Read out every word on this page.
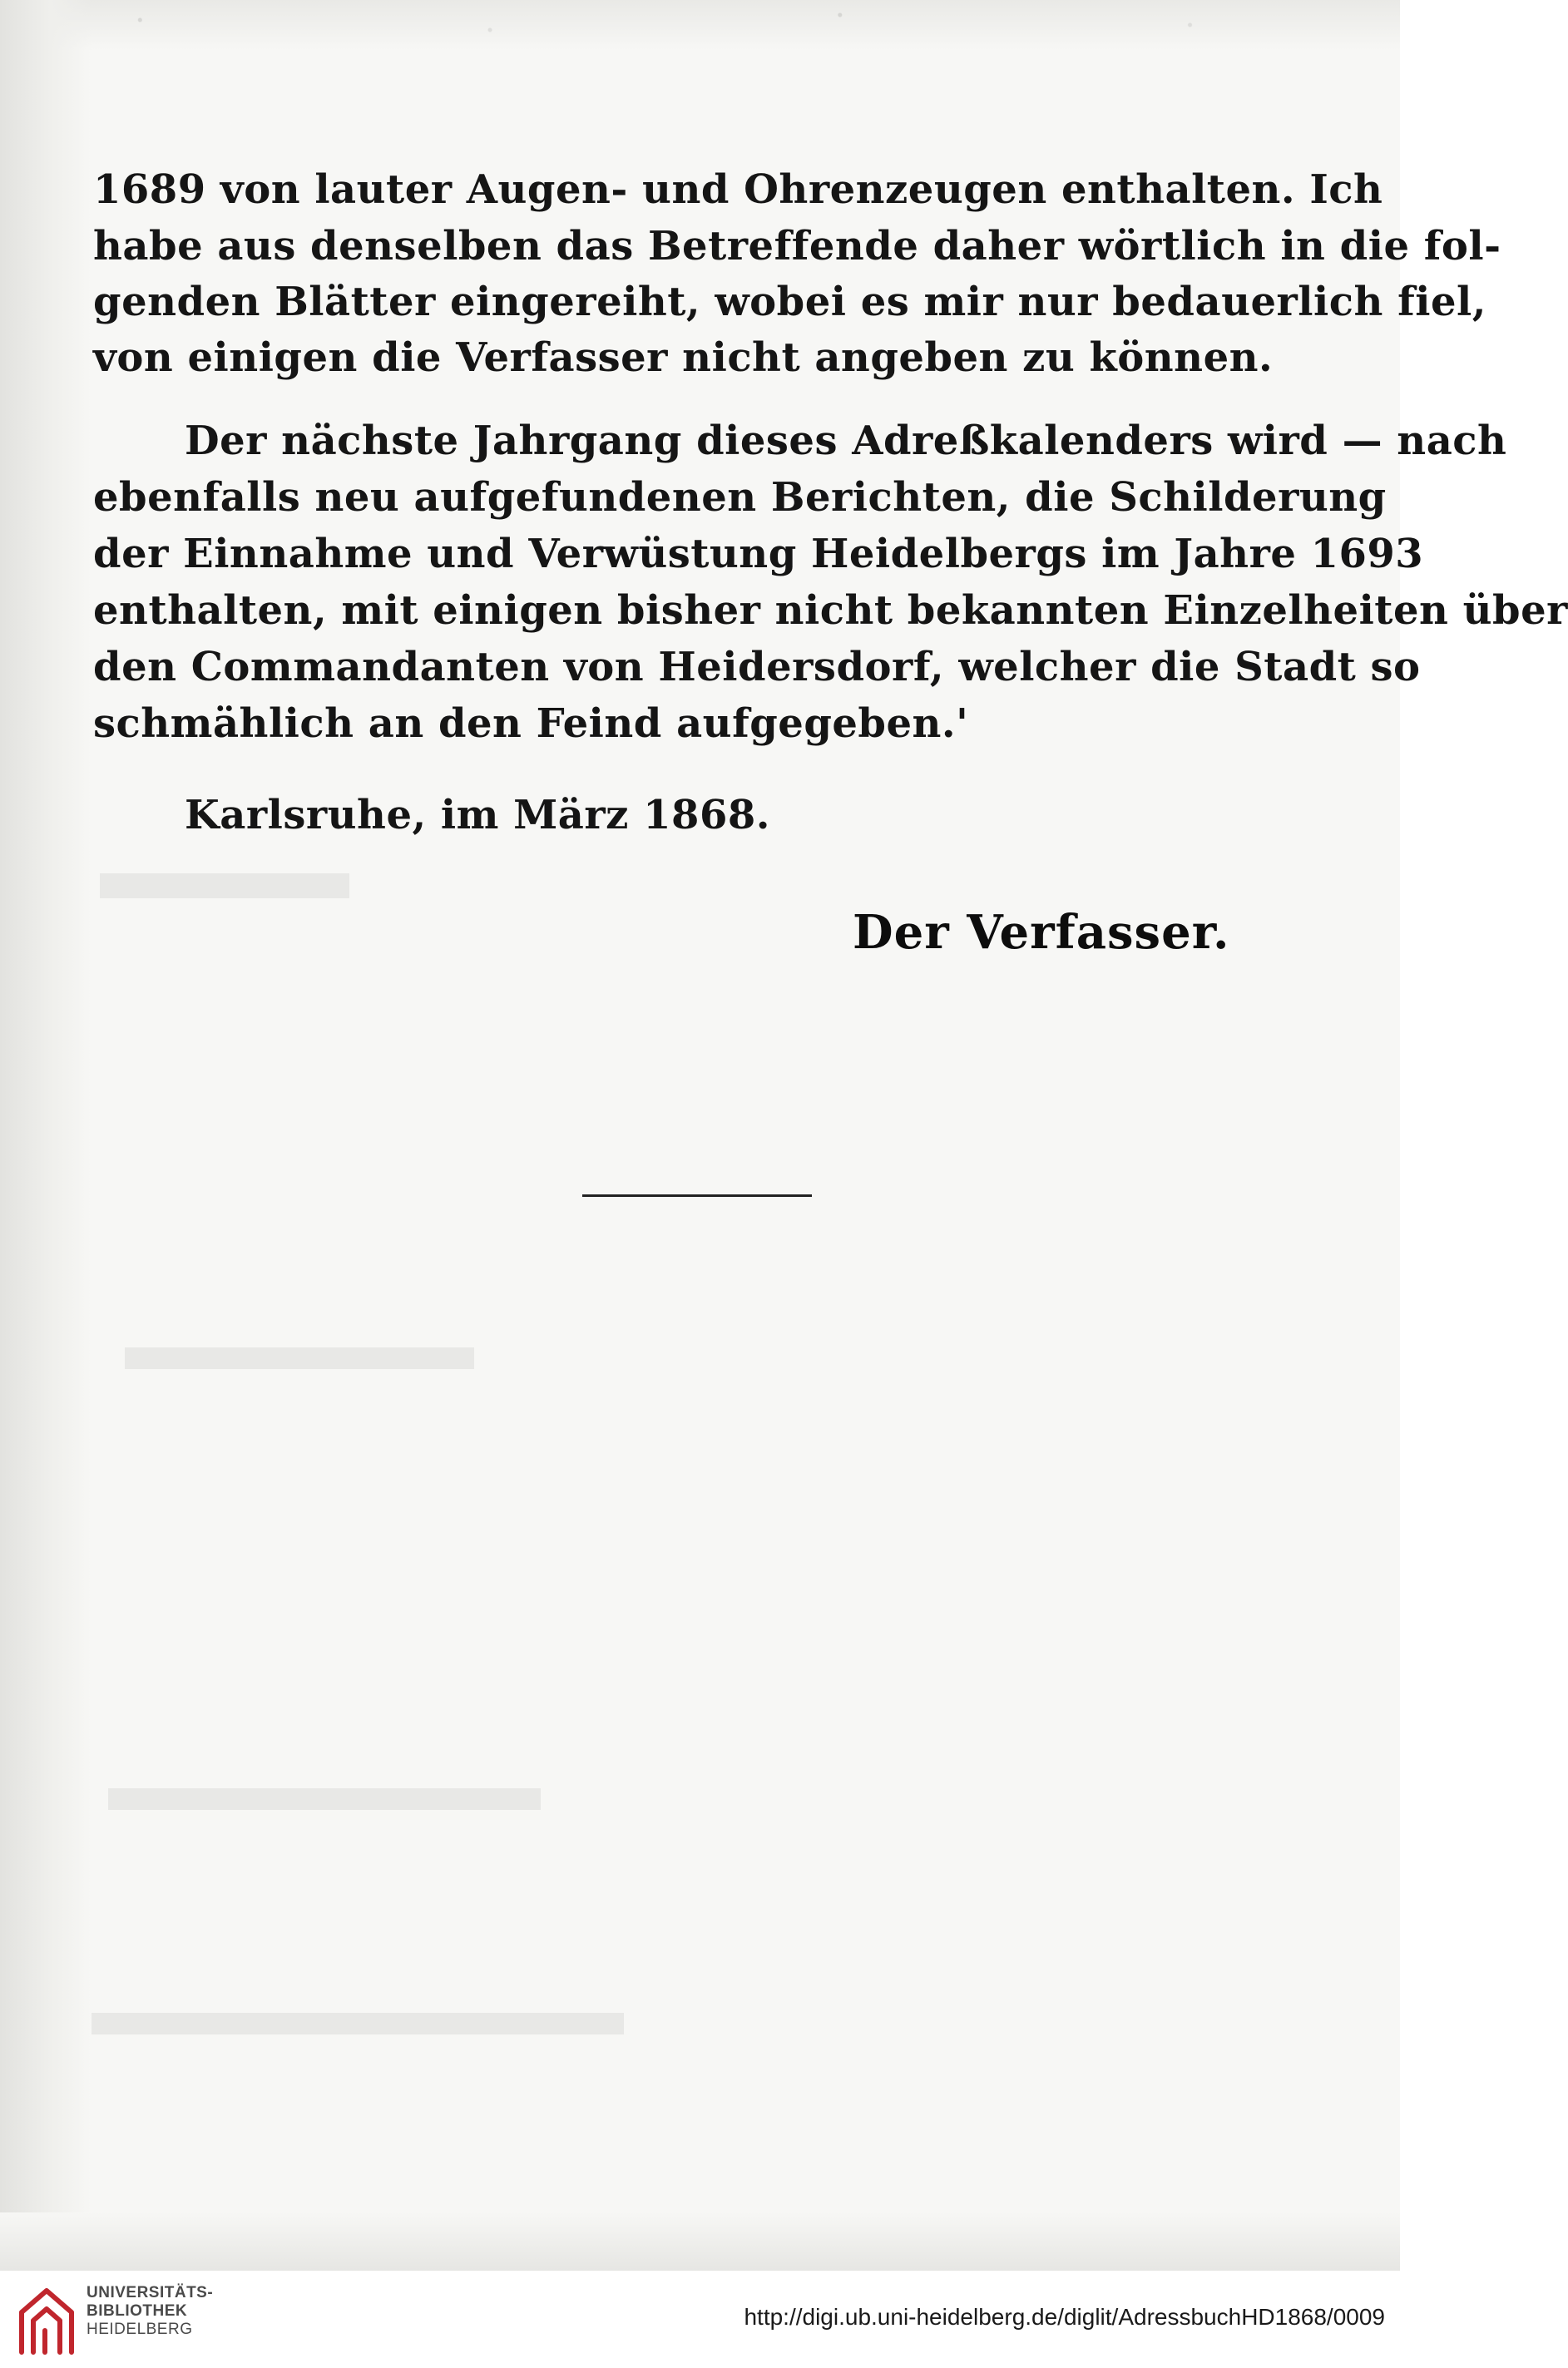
1689 von lauter Augen- und Ohrenzeugen enthalten. Ich
habe aus denselben das Betreffende daher wörtlich in die fol-
genden Blätter eingereiht, wobei es mir nur bedauerlich fiel,
von einigen die Verfasser nicht angeben zu können.
Der nächste Jahrgang dieses Adreßkalenders wird — nach
ebenfalls neu aufgefundenen Berichten, die Schilderung
der Einnahme und Verwüstung Heidelbergs im Jahre 1693
enthalten, mit einigen bisher nicht bekannten Einzelheiten über
den Commandanten von Heidersdorf, welcher die Stadt so
schmählich an den Feind aufgegeben.'
Karlsruhe, im März 1868.
Der Verfasser.
UNIVERSITÄTS-
BIBLIOTHEK
HEIDELBERG	http://digi.ub.uni-heidelberg.de/diglit/AdressbuchHD1868/0009
